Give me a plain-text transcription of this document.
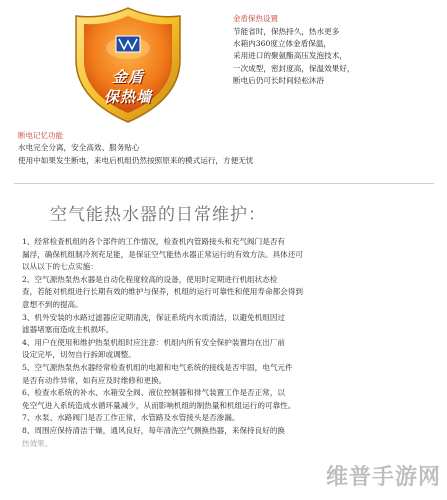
金盾
保热墙
金盾保热设置
节能省时，保热持久，热水更多
水箱内360度立体金盾保温，
采用进口的聚氨酯高压发泡技术，
一次成型，密封度高，保温效果好，
断电后仍可长时间轻松沐浴
断电记忆功能
水电完全分离，安全高效、服务贴心
使用中如果发生断电，来电后机组仍然按照原来的模式运行，方便无忧
空气能热水器的日常维护：
1、经常检查机组的各个部件的工作情况，检查机内管路接头和充气阀门是否有
漏浮，确保机组制冷剂充足能，是保证空气能热水器正常运行的有效方法。具体还可
以从以下的七点实施：
2、空气源热泵热水器是自动化程度较高的设备，使用时定期进行机组状态检
查，若能对机组进行长期有效的维护与保养，机组的运行可靠性和使用寿命都会得到
意想不到的提高。
3、机外安装的水路过滤器应定期清洗，保证系统内水质清洁，以避免机组因过
滤器堵塞而造成主机损坏。
4、用户在使用和维护热泵机组时应注意：机组内所有安全保护装置均在出厂前
设定完毕，切勿自行拆卸或调整。
5、空气源热泵热水器经常检查机组的电源和电气系统的接线是否牢固，电气元件
是否有动作异常，如有应及时维修和更换。
6、检查水系统的补水、水箱安全阀、液位控制器和排气装置工作是否正常，以
免空气进入系统造成水循环量减少，从而影响机组的制热量和机组运行的可靠性。
7、水泵、水路阀门是否工作正常，水管路及水管接头是否渗漏。
8、周围应保持清洁干燥，通风良好，每年清洗空气侧换热器，来保持良好的换
热效果。
维普手游网
